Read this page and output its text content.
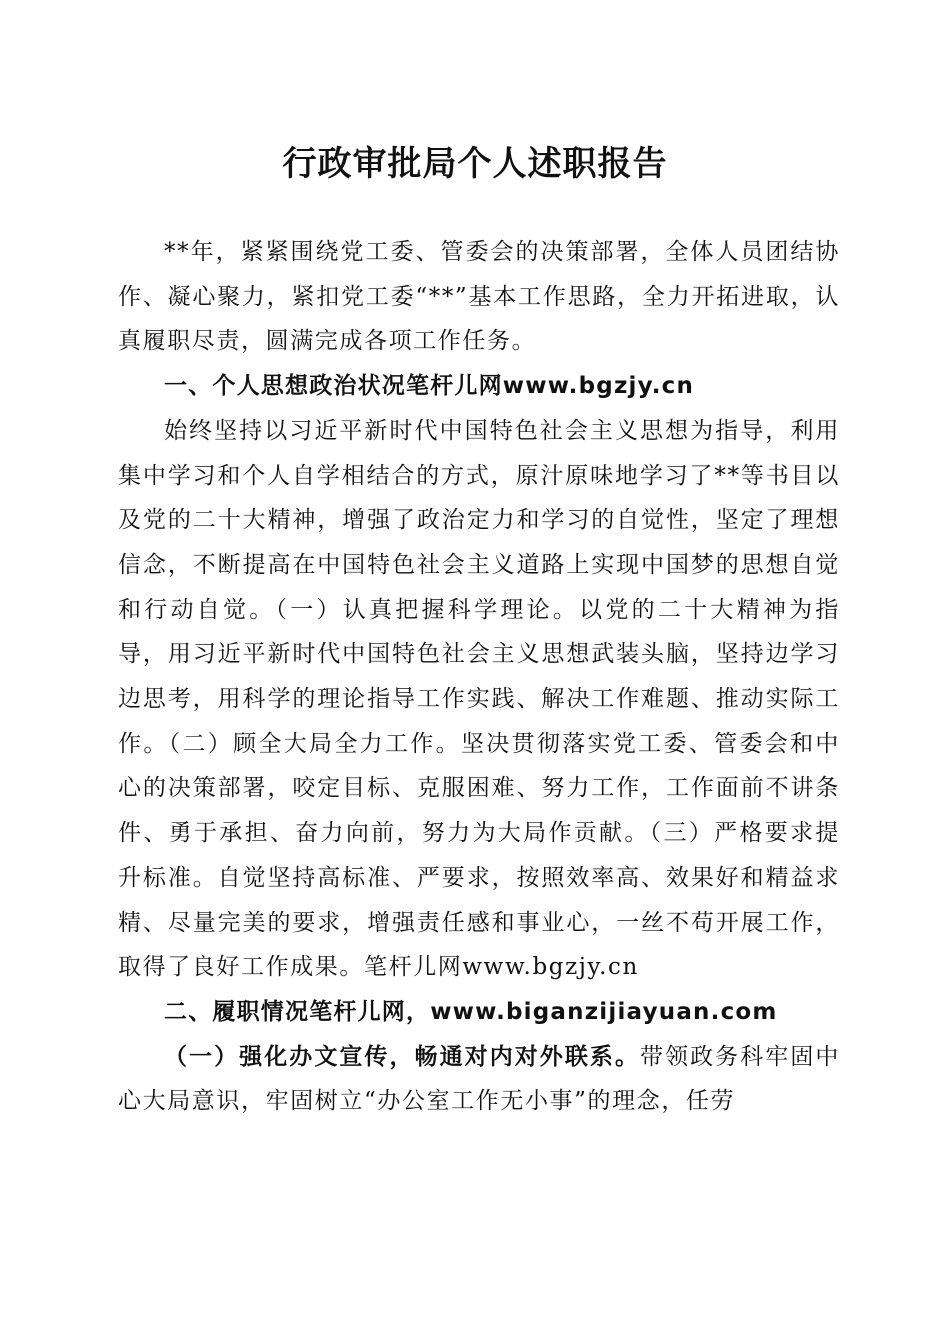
行政审批局个人述职报告

**年，紧紧围绕党工委、管委会的决策部署，全体人员团结协作、凝心聚力，紧扣党工委“**”基本工作思路，全力开拓进取，认真履职尽责，圆满完成各项工作任务。

一、个人思想政治状况笔杆儿网www.bgzjy.cn

始终坚持以习近平新时代中国特色社会主义思想为指导，利用集中学习和个人自学相结合的方式，原汁原味地学习了**等书目以及党的二十大精神，增强了政治定力和学习的自觉性，坚定了理想信念，不断提高在中国特色社会主义道路上实现中国梦的思想自觉和行动自觉。（一）认真把握科学理论。以党的二十大精神为指导，用习近平新时代中国特色社会主义思想武装头脑，坚持边学习边思考，用科学的理论指导工作实践、解决工作难题、推动实际工作。（二）顾全大局全力工作。坚决贯彻落实党工委、管委会和中心的决策部署，咬定目标、克服困难、努力工作，工作面前不讲条件、勇于承担、奋力向前，努力为大局作贡献。（三）严格要求提升标准。自觉坚持高标准、严要求，按照效率高、效果好和精益求精、尽量完美的要求，增强责任感和事业心，一丝不苟开展工作，取得了良好工作成果。笔杆儿网www.bgzjy.cn

二、履职情况笔杆儿网，www.biganzijiayuan.com

（一）强化办文宣传，畅通对内对外联系。带领政务科牢固中心大局意识，牢固树立“办公室工作无小事”的理念，任劳
